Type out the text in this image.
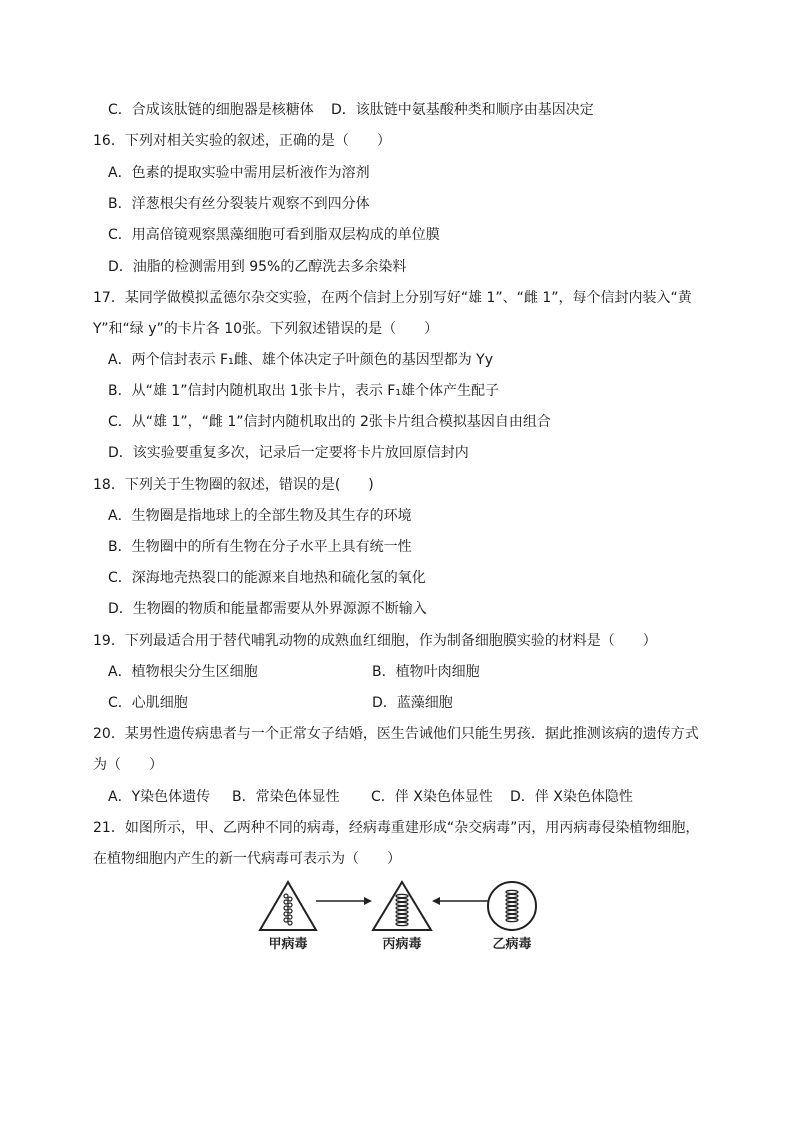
C．合成该肽链的细胞器是核糖体 D．该肽链中氨基酸种类和顺序由基因决定
16．下列对相关实验的叙述，正确的是（　　）
A．色素的提取实验中需用层析液作为溶剂
B．洋葱根尖有丝分裂装片观察不到四分体
C．用高倍镜观察黑藻细胞可看到脂双层构成的单位膜
D．油脂的检测需用到 95%的乙醇洗去多余染料
17．某同学做模拟孟德尔杂交实验，在两个信封上分别写好“雄 1”、“雌 1”，每个信封内装入“黄
Y”和“绿 y”的卡片各 10张。下列叙述错误的是（　　）
A．两个信封表示 F₁雌、雄个体决定子叶颜色的基因型都为 Yy
B．从“雄 1”信封内随机取出 1张卡片，表示 F₁雄个体产生配子
C．从“雄 1”，“雌 1”信封内随机取出的 2张卡片组合模拟基因自由组合
D．该实验要重复多次，记录后一定要将卡片放回原信封内
18．下列关于生物圈的叙述，错误的是(　　)
A．生物圈是指地球上的全部生物及其生存的环境
B．生物圈中的所有生物在分子水平上具有统一性
C．深海地壳热裂口的能源来自地热和硫化氢的氧化
D．生物圈的物质和能量都需要从外界源源不断输入
19．下列最适合用于替代哺乳动物的成熟血红细胞，作为制备细胞膜实验的材料是（　　）
A．植物根尖分生区细胞	B．植物叶肉细胞
C．心肌细胞	D．蓝藻细胞
20．某男性遗传病患者与一个正常女子结婚，医生告诫他们只能生男孩．据此推测该病的遗传方式
为（　　）
A．Y染色体遗传 B．常染色体显性 C．伴 X染色体显性 D．伴 X染色体隐性
21．如图所示，甲、乙两种不同的病毒，经病毒重建形成“杂交病毒”丙，用丙病毒侵染植物细胞，
在植物细胞内产生的新一代病毒可表示为（　　）
甲病毒	丙病毒	乙病毒
